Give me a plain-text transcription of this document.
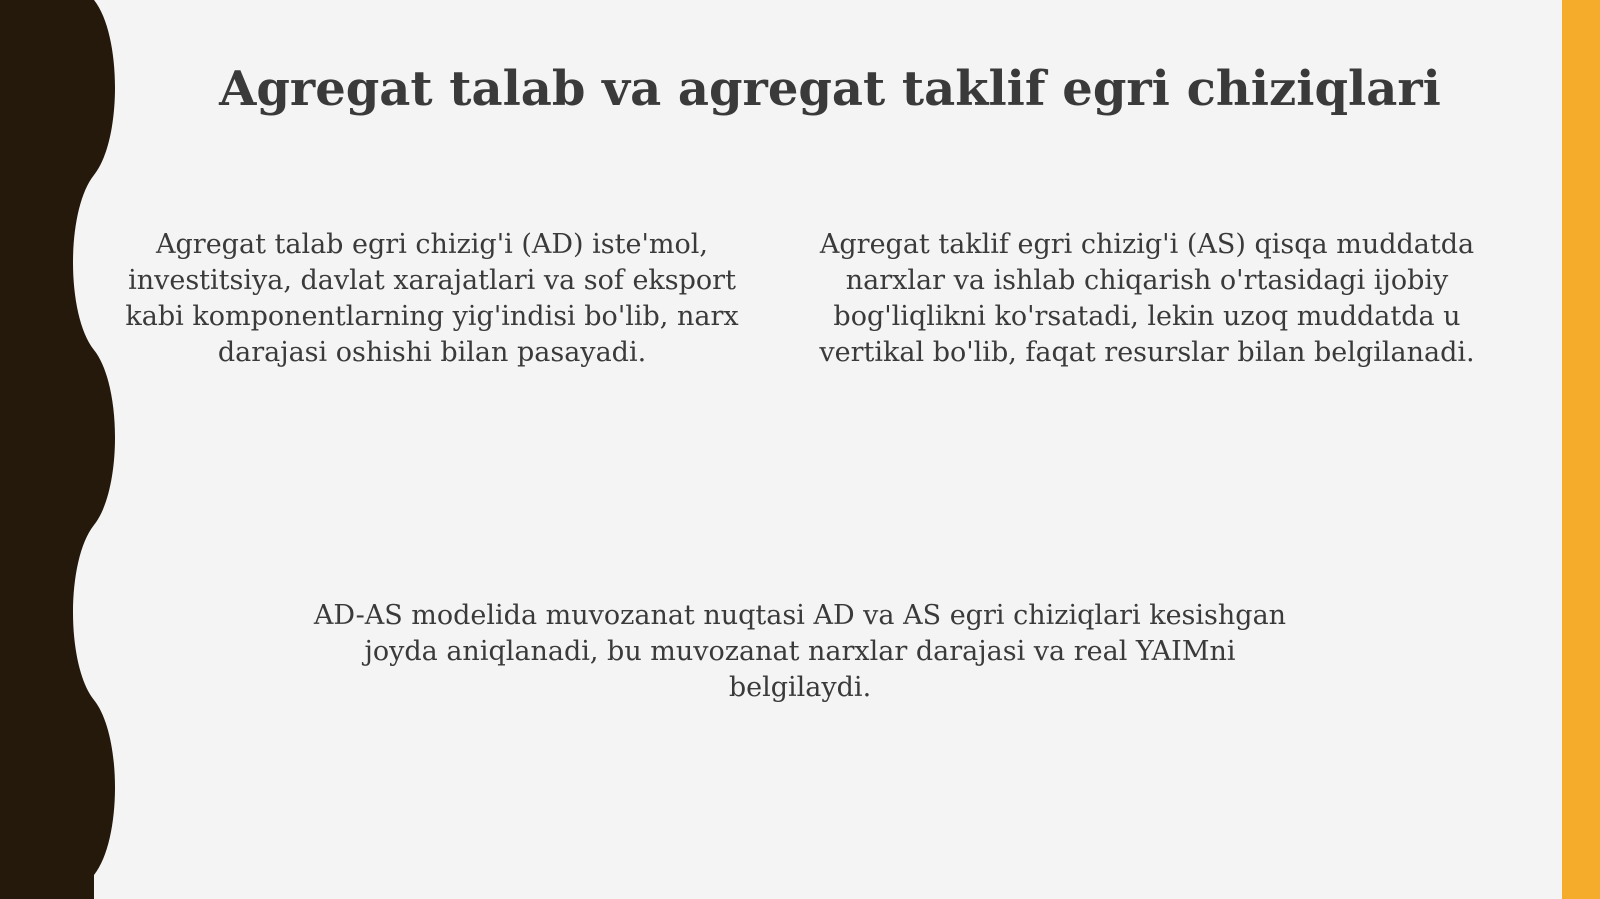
Agregat talab va agregat taklif egri chiziqlari

Agregat talab egri chizig'i (AD) iste'mol, investitsiya, davlat xarajatlari va sof eksport kabi komponentlarning yig'indisi bo'lib, narx darajasi oshishi bilan pasayadi.

Agregat taklif egri chizig'i (AS) qisqa muddatda narxlar va ishlab chiqarish o'rtasidagi ijobiy bog'liqlikni ko'rsatadi, lekin uzoq muddatda u vertikal bo'lib, faqat resurslar bilan belgilanadi.

AD-AS modelida muvozanat nuqtasi AD va AS egri chiziqlari kesishgan joyda aniqlanadi, bu muvozanat narxlar darajasi va real YAIMni belgilaydi.
